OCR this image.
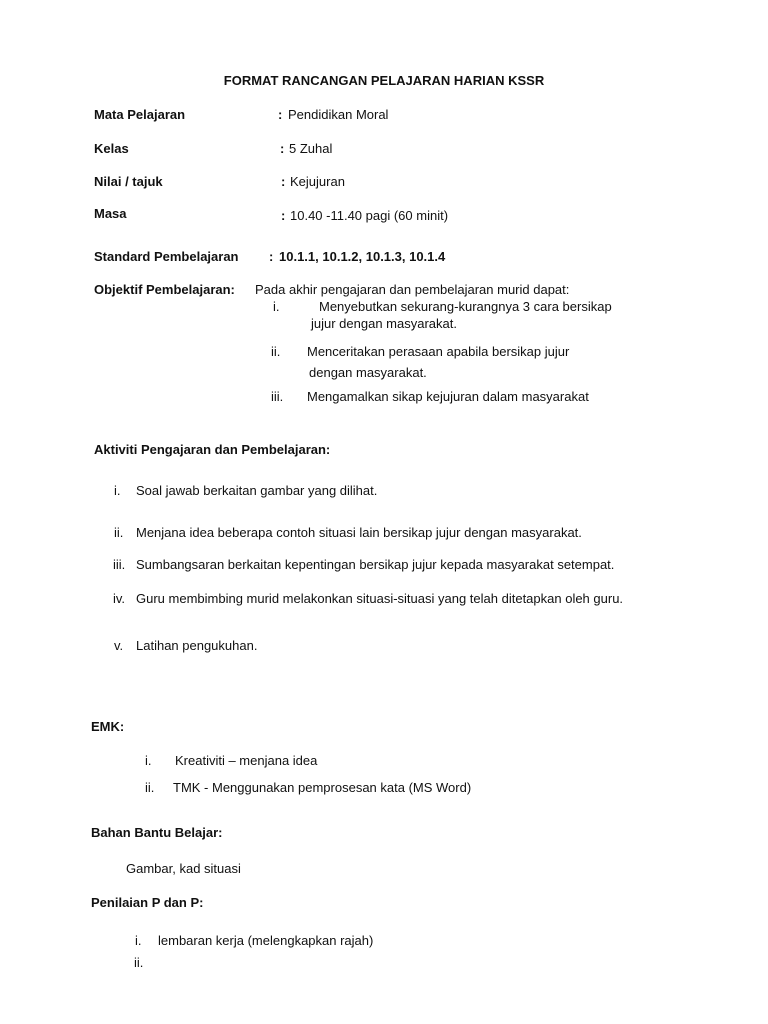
FORMAT RANCANGAN PELAJARAN HARIAN KSSR
Mata Pelajaran	: Pendidikan Moral
Kelas	: 5 Zuhal
Nilai / tajuk	: Kejujuran
Masa	: 10.40 -11.40 pagi (60 minit)
Standard Pembelajaran : 10.1.1, 10.1.2, 10.1.3, 10.1.4
Objektif Pembelajaran: Pada akhir pengajaran dan pembelajaran murid dapat:
i.	Menyebutkan sekurang-kurangnya 3 cara bersikap
jujur dengan masyarakat.
ii. Menceritakan perasaan apabila bersikap jujur
dengan masyarakat.
iii. Mengamalkan sikap kejujuran dalam masyarakat
Aktiviti Pengajaran dan Pembelajaran:
i. Soal jawab berkaitan gambar yang dilihat.
ii. Menjana idea beberapa contoh situasi lain bersikap jujur dengan masyarakat.
iii. Sumbangsaran berkaitan kepentingan bersikap jujur kepada masyarakat setempat.
iv. Guru membimbing murid melakonkan situasi-situasi yang telah ditetapkan oleh guru.
v. Latihan pengukuhan.
EMK:
i. Kreativiti – menjana idea
ii. TMK - Menggunakan pemprosesan kata (MS Word)
Bahan Bantu Belajar:
Gambar, kad situasi
Penilaian P dan P:
i. lembaran kerja (melengkapkan rajah)
ii.
